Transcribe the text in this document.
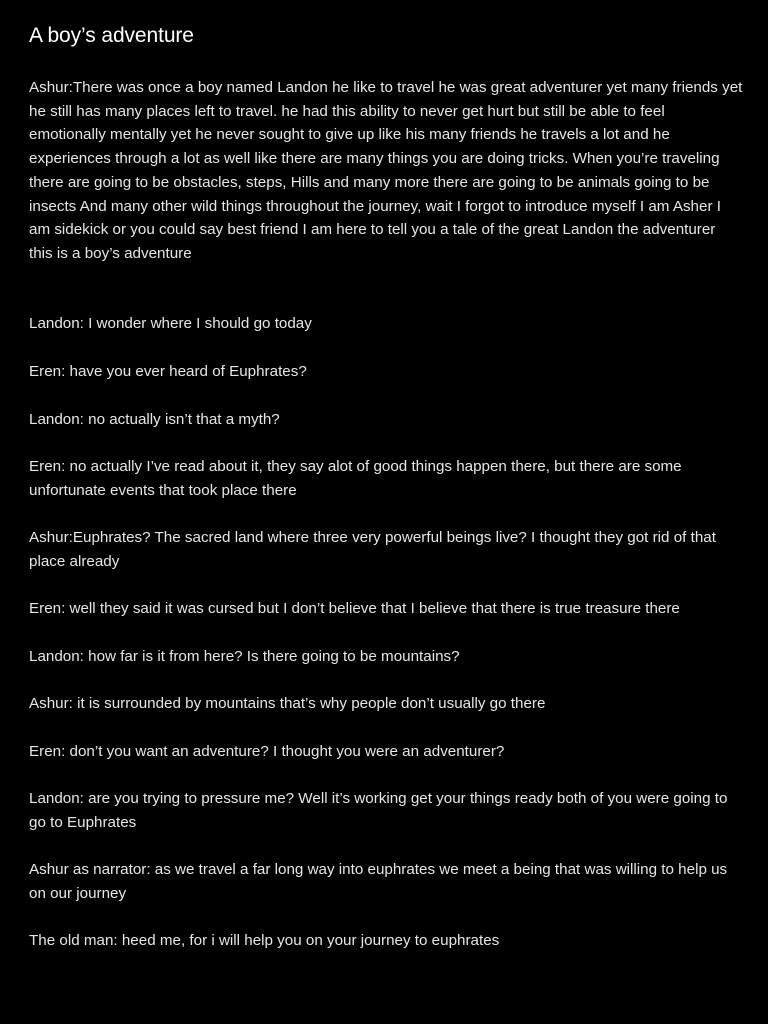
A boy’s adventure

Ashur:There was once a boy named Landon he like to travel he was great adventurer yet many friends yet he still has many places left to travel. he had this ability to never get hurt but still be able to feel emotionally mentally yet he never sought to give up like his many friends he travels a lot and he experiences through a lot as well like there are many things you are doing tricks. When you’re traveling there are going to be obstacles, steps, Hills and many more there are going to be animals going to be insects And many other wild things throughout the journey, wait I forgot to introduce myself I am Asher I am sidekick or you could say best friend I am here to tell you a tale of the great Landon the adventurer this is a boy’s adventure

Landon: I wonder where I should go today

Eren: have you ever heard of Euphrates?

Landon: no actually isn’t that a myth?

Eren: no actually I’ve read about it, they say alot of good things happen there, but there are some unfortunate events that took place there

Ashur:Euphrates? The sacred land where three very powerful beings live? I thought they got rid of that place already

Eren: well they said it was cursed but I don’t believe that I believe that there is true treasure there

Landon: how far is it from here? Is there going to be mountains?

Ashur: it is surrounded by mountains that’s why people don’t usually go there

Eren: don’t you want an adventure? I thought you were an adventurer?

Landon: are you trying to pressure me? Well it’s working get your things ready both of you were going to go to Euphrates

Ashur as narrator: as we travel a far long way into euphrates we meet a being that was willing to help us on our journey

The old man: heed me, for i will help you on your journey to euphrates
